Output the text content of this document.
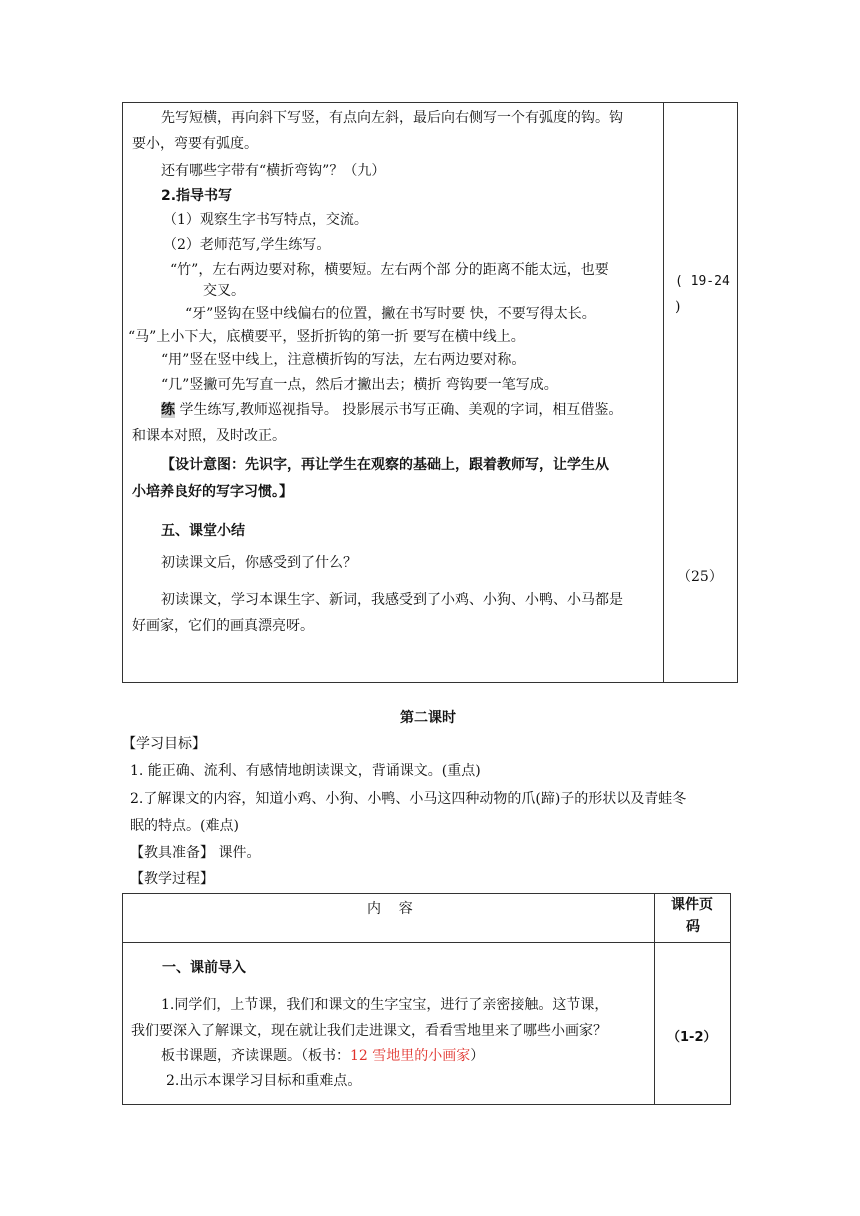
先写短横，再向斜下写竖，有点向左斜，最后向右侧写一个有弧度的钩。钩
要小，弯要有弧度。
还有哪些字带有“横折弯钩”？（九）
2.指导书写
（1）观察生字书写特点，交流。
（2）老师范写,学生练写。
“竹”，左右两边要对称，横要短。左右两个部 分的距离不能太远，也要
交叉。
“牙”竖钩在竖中线偏右的位置，撇在书写时要 快，不要写得太长。
“马”上小下大，底横要平，竖折折钩的第一折 要写在横中线上。
“用”竖在竖中线上，注意横折钩的写法，左右两边要对称。
“几”竖撇可先写直一点，然后才撇出去；横折 弯钩要一笔写成。
练 学生练写,教师巡视指导。 投影展示书写正确、美观的字词，相互借鉴。
和课本对照，及时改正。
【设计意图：先识字，再让学生在观察的基础上，跟着教师写，让学生从
小培养良好的写字习惯。】
五、课堂小结
初读课文后，你感受到了什么？
初读课文，学习本课生字、新词，我感受到了小鸡、小狗、小鸭、小马都是
好画家，它们的画真漂亮呀。
( 19-24
)
（25）
第二课时
【学习目标】
1. 能正确、流利、有感情地朗读课文，背诵课文。(重点)
2.了解课文的内容，知道小鸡、小狗、小鸭、小马这四种动物的爪(蹄)子的形状以及青蛙冬
眠的特点。(难点)
【教具准备】 课件。
【教学过程】
内    容	课件页
码
一、课前导入
1.同学们，上节课，我们和课文的生字宝宝，进行了亲密接触。这节课，
我们要深入了解课文，现在就让我们走进课文，看看雪地里来了哪些小画家？
板书课题，齐读课题。（板书：12 雪地里的小画家）
2.出示本课学习目标和重难点。
（1-2）
